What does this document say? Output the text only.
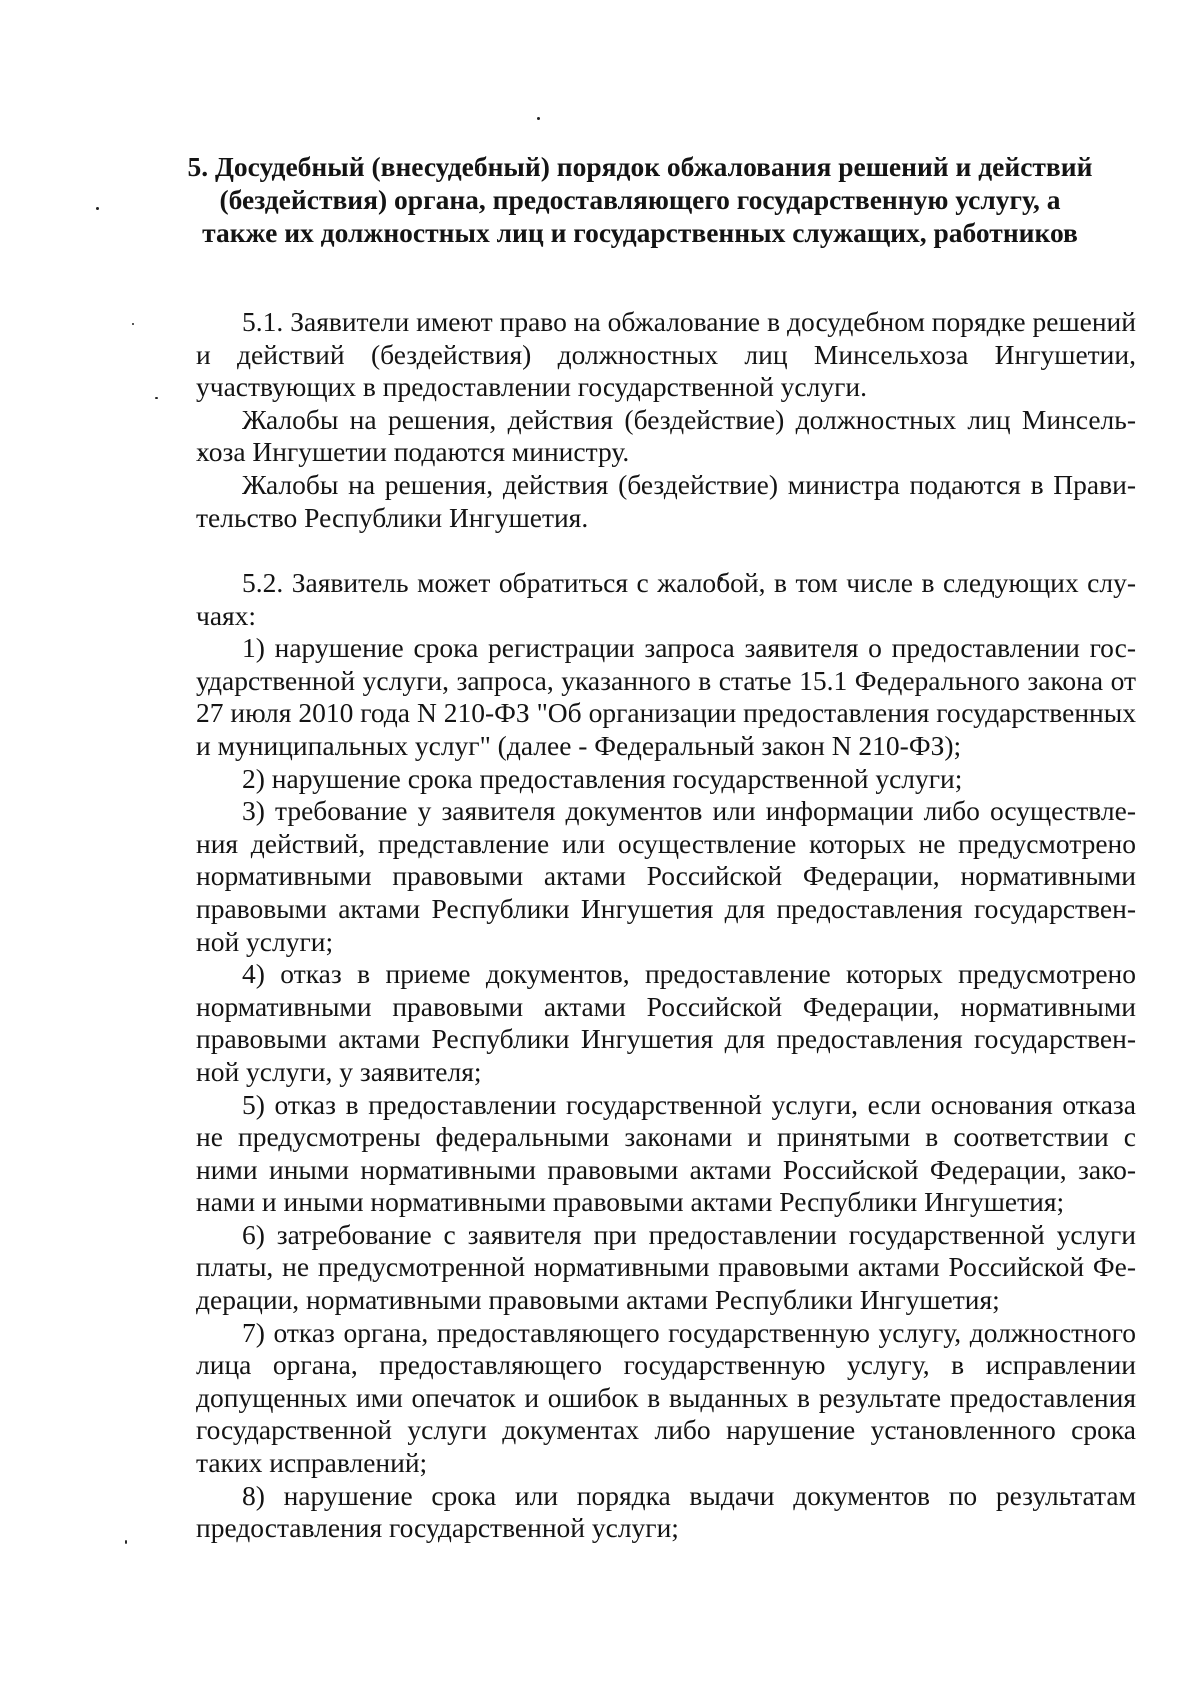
5. Досудебный (внесудебный) порядок обжалования решений и действий
(бездействия) органа, предоставляющего государственную услугу, а
также их должностных лиц и государственных служащих, работников

5.1. Заявители имеют право на обжалование в досудебном порядке решений и действий (бездействия) должностных лиц Минсельхоза Ингушетии, участвующих в предоставлении государственной услуги.

Жалобы на решения, действия (бездействие) должностных лиц Минсельхоза Ингушетии подаются министру.

Жалобы на решения, действия (бездействие) министра подаются в Правительство Республики Ингушетия.

5.2. Заявитель может обратиться с жалобой, в том числе в следующих случаях:

1) нарушение срока регистрации запроса заявителя о предоставлении государственной услуги, запроса, указанного в статье 15.1 Федерального закона от 27 июля 2010 года N 210-ФЗ "Об организации предоставления государственных и муниципальных услуг" (далее - Федеральный закон N 210-ФЗ);

2) нарушение срока предоставления государственной услуги;

3) требование у заявителя документов или информации либо осуществления действий, представление или осуществление которых не предусмотрено нормативными правовыми актами Российской Федерации, нормативными правовыми актами Республики Ингушетия для предоставления государственной услуги;

4) отказ в приеме документов, предоставление которых предусмотрено нормативными правовыми актами Российской Федерации, нормативными правовыми актами Республики Ингушетия для предоставления государственной услуги, у заявителя;

5) отказ в предоставлении государственной услуги, если основания отказа не предусмотрены федеральными законами и принятыми в соответствии с ними иными нормативными правовыми актами Российской Федерации, законами и иными нормативными правовыми актами Республики Ингушетия;

6) затребование с заявителя при предоставлении государственной услуги платы, не предусмотренной нормативными правовыми актами Российской Федерации, нормативными правовыми актами Республики Ингушетия;

7) отказ органа, предоставляющего государственную услугу, должностного лица органа, предоставляющего государственную услугу, в исправлении допущенных ими опечаток и ошибок в выданных в результате предоставления государственной услуги документах либо нарушение установленного срока таких исправлений;

8) нарушение срока или порядка выдачи документов по результатам предоставления государственной услуги;
